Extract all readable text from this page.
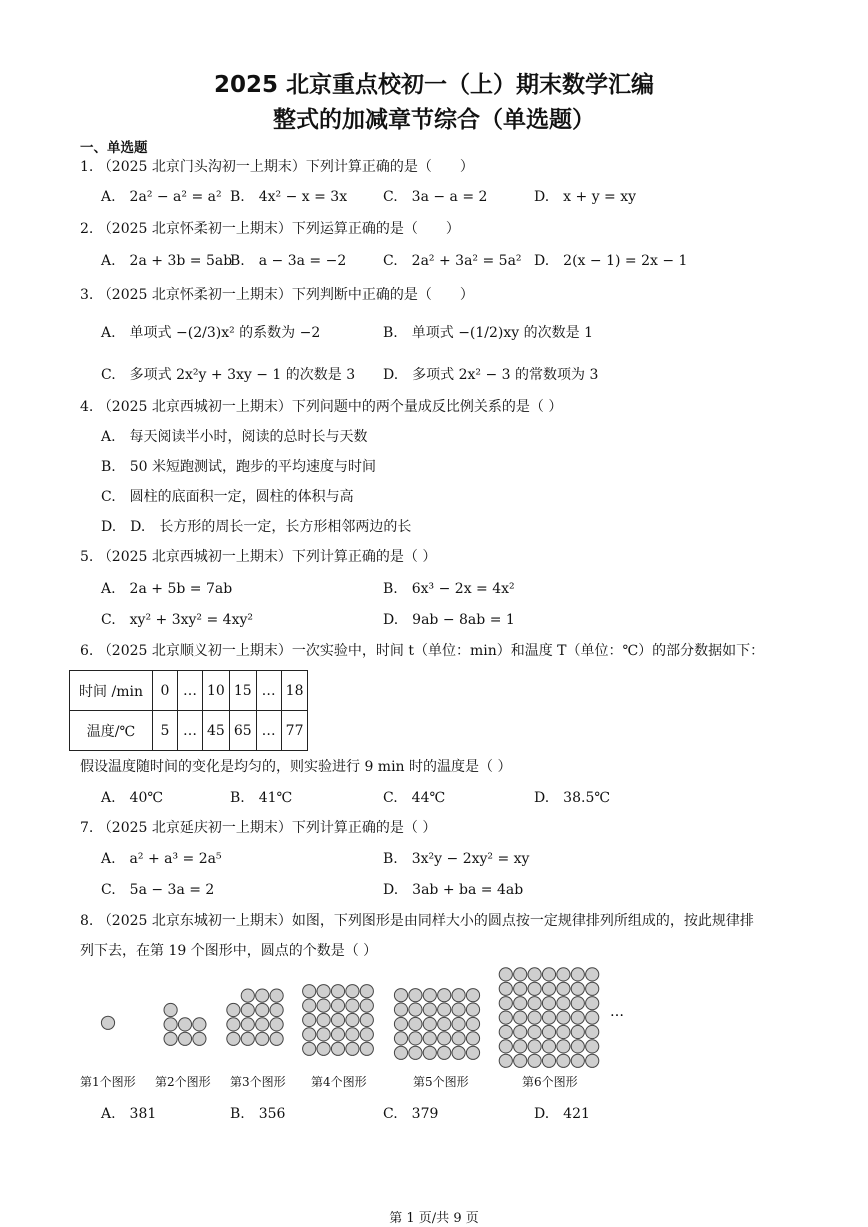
2025 北京重点校初一（上）期末数学汇编
整式的加减章节综合（单选题）
一、单选题
1. （2025 北京门头沟初一上期末）下列计算正确的是（　　）
A.　2a² − a² = a² B.　4x² − x = 3x	C.　3a − a = 2	D.　x + y = xy
2. （2025 北京怀柔初一上期末）下列运算正确的是（　　）
A.　2a + 3b = 5ab
B.　a − 3a = −2	C.　2a² + 3a² = 5a² D.　2(x − 1) = 2x − 1
3. （2025 北京怀柔初一上期末）下列判断中正确的是（　　）
A.　单项式 −(2/3)x² 的系数为 −2	B.　单项式 −(1/2)xy 的次数是 1
C.　多项式 2x²y + 3xy − 1 的次数是 3 D.　多项式 2x² − 3 的常数项为 3
4. （2025 北京西城初一上期末）下列问题中的两个量成反比例关系的是（ ）
A.　每天阅读半小时，阅读的总时长与天数
B.　50 米短跑测试，跑步的平均速度与时间
C.　圆柱的底面积一定，圆柱的体积与高
D.　D.　长方形的周长一定，长方形相邻两边的长
5. （2025 北京西城初一上期末）下列计算正确的是（ ）
A.　2a + 5b = 7ab	B.　6x³ − 2x = 4x²
C.　xy² + 3xy² = 4xy²	D.　9ab − 8ab = 1
6. （2025 北京顺义初一上期末）一次实验中，时间 t（单位：min）和温度 T（单位：℃）的部分数据如下：
时间 /min	0	…	10	15	…	18
温度/℃	5	…	45	65	…	77
假设温度随时间的变化是均匀的，则实验进行 9 min 时的温度是（ ）
A.　40℃	B.　41℃	C.　44℃	D.　38.5℃
7. （2025 北京延庆初一上期末）下列计算正确的是（ ）
A.　a² + a³ = 2a⁵	B.　3x²y − 2xy² = xy
C.　5a − 3a = 2	D.　3ab + ba = 4ab
8. （2025 北京东城初一上期末）如图，下列图形是由同样大小的圆点按一定规律排列所组成的，按此规律排
列下去，在第 19 个图形中，圆点的个数是（ ）
…
第1个图形 第2个图形 第3个图形 第4个图形	第5个图形	第6个图形
A.　381	B.　356	C.　379	D.　421
第 1 页/共 9 页
